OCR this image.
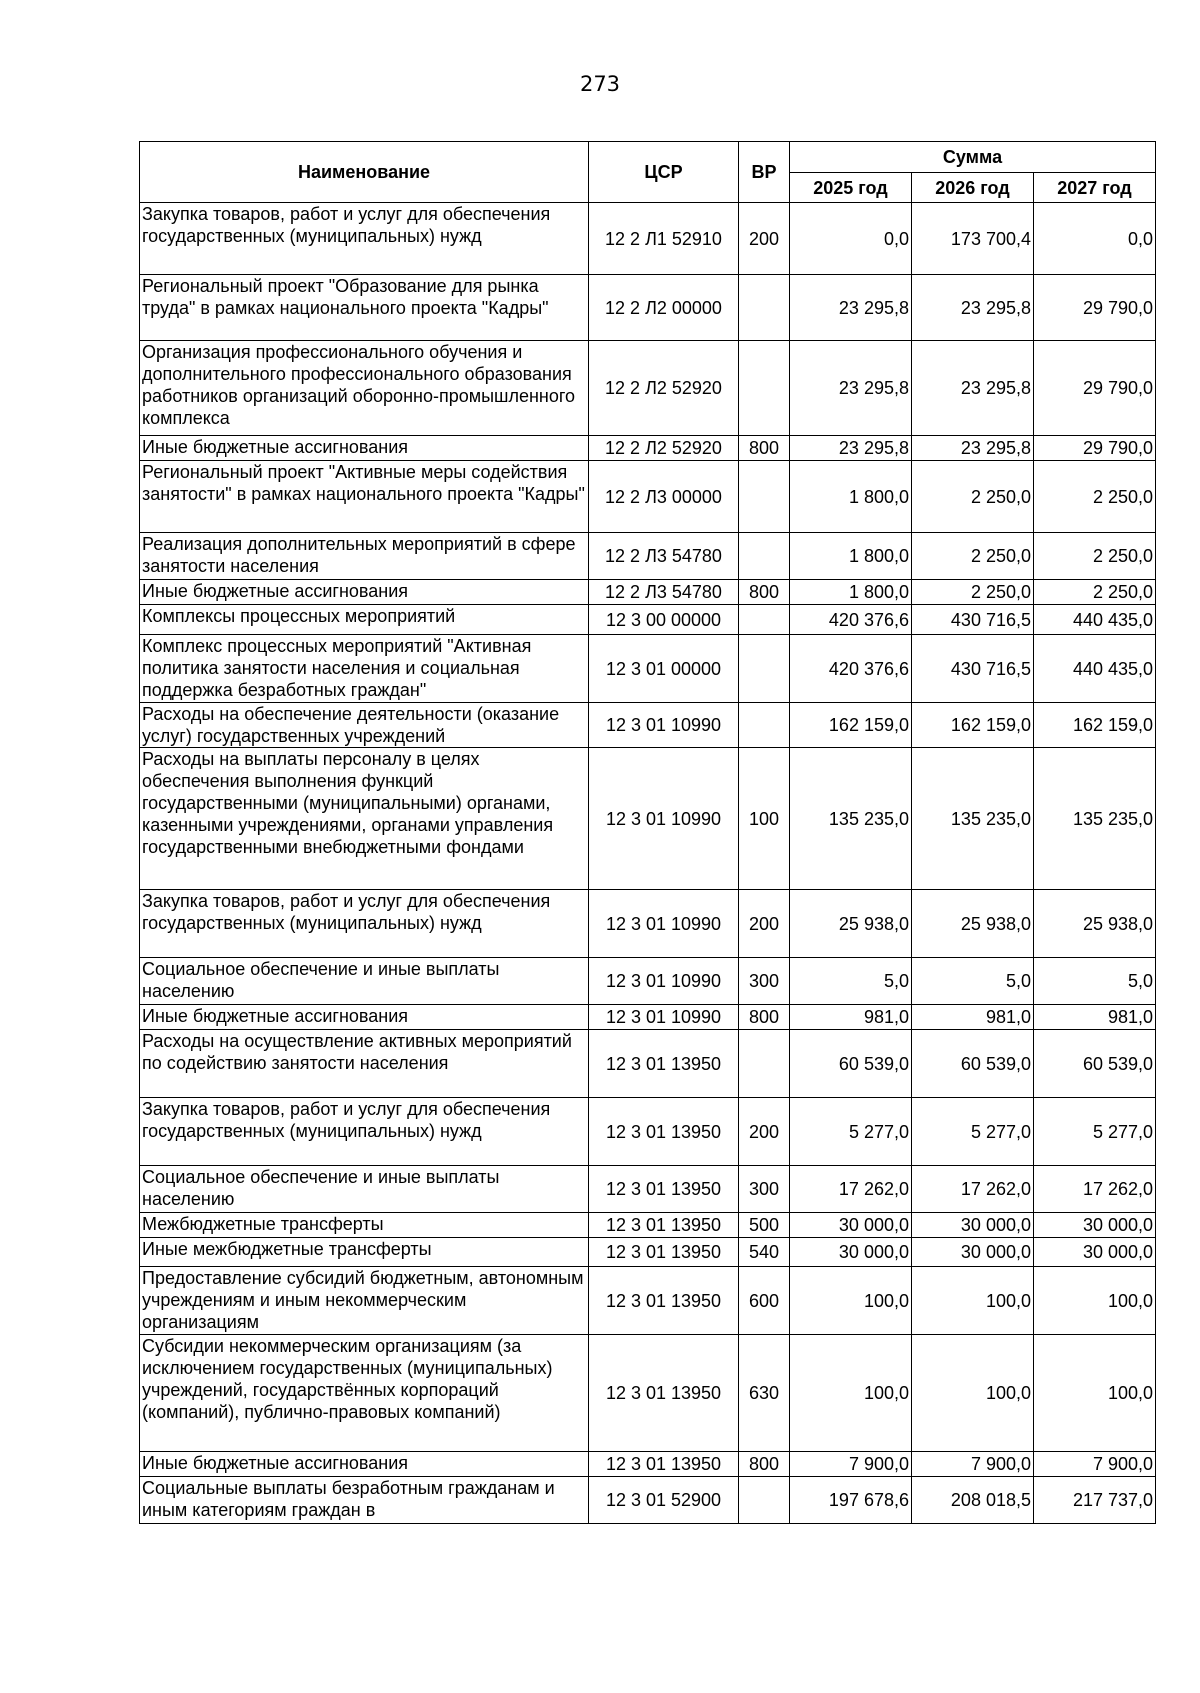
273
Наименование	ЦСР	ВР	Сумма		
			2025 год	2026 год	2027 год
Закупка товаров, работ и услуг для обеспечения государственных (муниципальных) нужд	12 2 Л1 52910	200	0,0	173 700,4	0,0
Региональный проект "Образование для рынка труда" в рамках национального проекта "Кадры"	12 2 Л2 00000		23 295,8	23 295,8	29 790,0
Организация профессионального обучения и дополнительного профессионального образования работников организаций оборонно-промышленного комплекса	12 2 Л2 52920		23 295,8	23 295,8	29 790,0
Иные бюджетные ассигнования	12 2 Л2 52920	800	23 295,8	23 295,8	29 790,0
Региональный проект "Активные меры содействия занятости" в рамках национального проекта "Кадры"	12 2 Л3 00000		1 800,0	2 250,0	2 250,0
Реализация дополнительных мероприятий в сфере занятости населения	12 2 Л3 54780		1 800,0	2 250,0	2 250,0
Иные бюджетные ассигнования	12 2 Л3 54780	800	1 800,0	2 250,0	2 250,0
Комплексы процессных мероприятий	12 3 00 00000		420 376,6	430 716,5	440 435,0
Комплекс процессных мероприятий "Активная политика занятости населения и социальная поддержка безработных граждан"	12 3 01 00000		420 376,6	430 716,5	440 435,0
Расходы на обеспечение деятельности (оказание услуг) государственных учреждений	12 3 01 10990		162 159,0	162 159,0	162 159,0
Расходы на выплаты персоналу в целях обеспечения выполнения функций государственными (муниципальными) органами, казенными учреждениями, органами управления государственными внебюджетными фондами	12 3 01 10990	100	135 235,0	135 235,0	135 235,0
Закупка товаров, работ и услуг для обеспечения государственных (муниципальных) нужд	12 3 01 10990	200	25 938,0	25 938,0	25 938,0
Социальное обеспечение и иные выплаты населению	12 3 01 10990	300	5,0	5,0	5,0
Иные бюджетные ассигнования	12 3 01 10990	800	981,0	981,0	981,0
Расходы на осуществление активных мероприятий по содействию занятости населения	12 3 01 13950		60 539,0	60 539,0	60 539,0
Закупка товаров, работ и услуг для обеспечения государственных (муниципальных) нужд	12 3 01 13950	200	5 277,0	5 277,0	5 277,0
Социальное обеспечение и иные выплаты населению	12 3 01 13950	300	17 262,0	17 262,0	17 262,0
Межбюджетные трансферты	12 3 01 13950	500	30 000,0	30 000,0	30 000,0
Иные межбюджетные трансферты	12 3 01 13950	540	30 000,0	30 000,0	30 000,0
Предоставление субсидий бюджетным, автономным учреждениям и иным некоммерческим организациям	12 3 01 13950	600	100,0	100,0	100,0
Субсидии некоммерческим организациям (за исключением государственных (муниципальных) учреждений, государствённых корпораций (компаний), публично-правовых компаний)	12 3 01 13950	630	100,0	100,0	100,0
Иные бюджетные ассигнования	12 3 01 13950	800	7 900,0	7 900,0	7 900,0
Социальные выплаты безработным гражданам и иным категориям граждан в	12 3 01 52900		197 678,6	208 018,5	217 737,0
